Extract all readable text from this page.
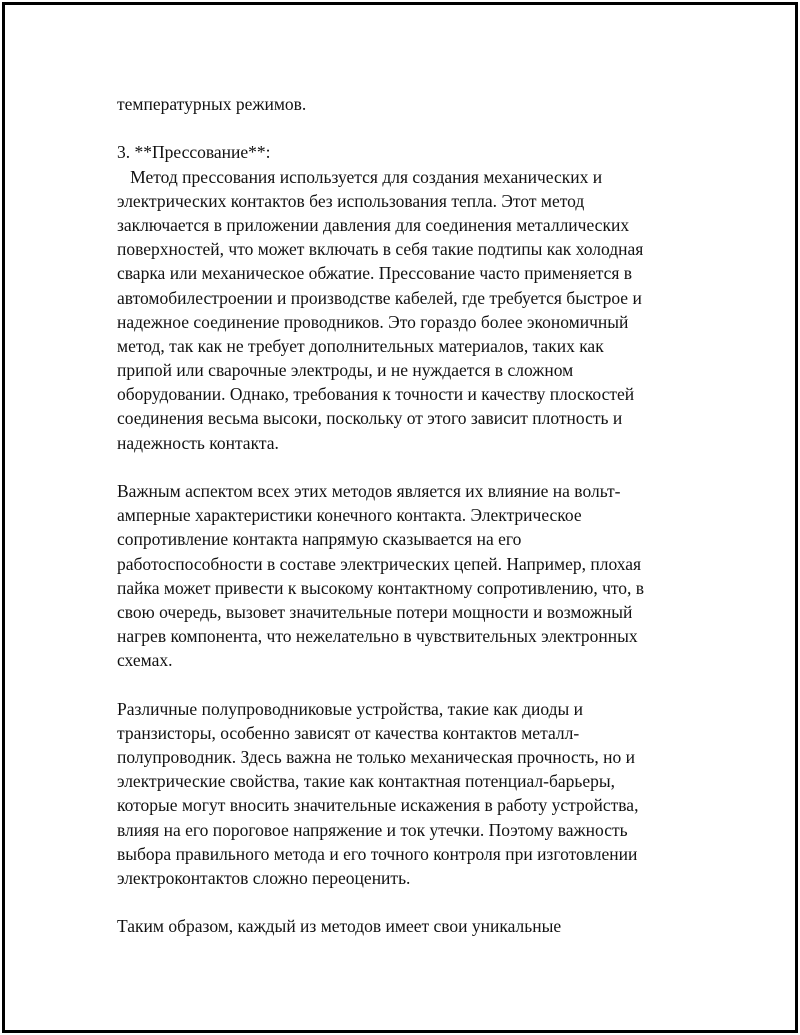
температурных режимов.
3. **Прессование**:
Метод прессования используется для создания механических и
электрических контактов без использования тепла. Этот метод
заключается в приложении давления для соединения металлических
поверхностей, что может включать в себя такие подтипы как холодная
сварка или механическое обжатие. Прессование часто применяется в
автомобилестроении и производстве кабелей, где требуется быстрое и
надежное соединение проводников. Это гораздо более экономичный
метод, так как не требует дополнительных материалов, таких как
припой или сварочные электроды, и не нуждается в сложном
оборудовании. Однако, требования к точности и качеству плоскостей
соединения весьма высоки, поскольку от этого зависит плотность и
надежность контакта.
Важным аспектом всех этих методов является их влияние на вольт-
амперные характеристики конечного контакта. Электрическое
сопротивление контакта напрямую сказывается на его
работоспособности в составе электрических цепей. Например, плохая
пайка может привести к высокому контактному сопротивлению, что, в
свою очередь, вызовет значительные потери мощности и возможный
нагрев компонента, что нежелательно в чувствительных электронных
схемах.
Различные полупроводниковые устройства, такие как диоды и
транзисторы, особенно зависят от качества контактов металл-
полупроводник. Здесь важна не только механическая прочность, но и
электрические свойства, такие как контактная потенциал-барьеры,
которые могут вносить значительные искажения в работу устройства,
влияя на его пороговое напряжение и ток утечки. Поэтому важность
выбора правильного метода и его точного контроля при изготовлении
электроконтактов сложно переоценить.
Таким образом, каждый из методов имеет свои уникальные
